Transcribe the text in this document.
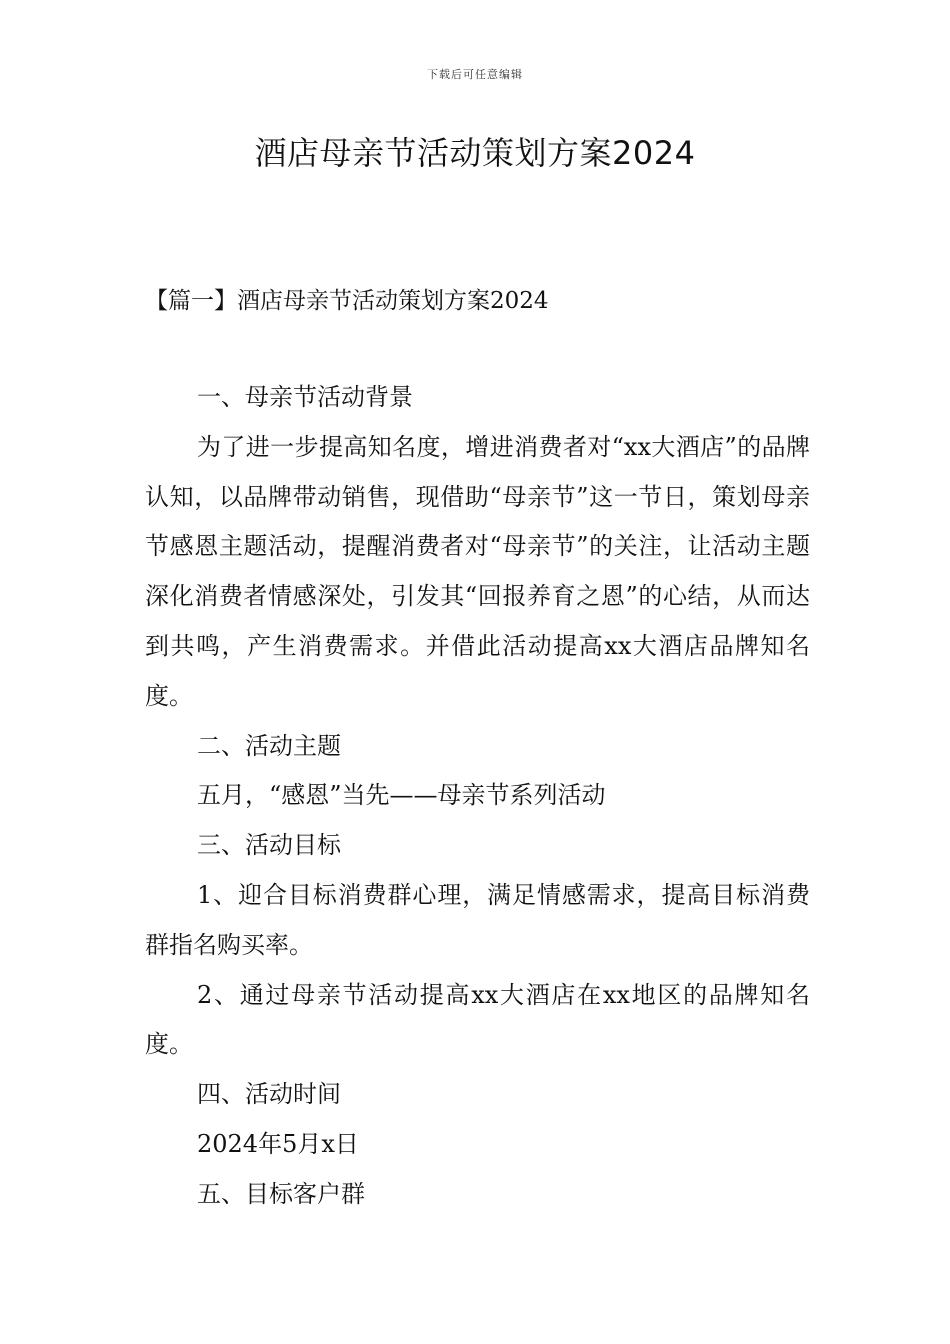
下载后可任意编辑
酒店母亲节活动策划方案2024
【篇一】酒店母亲节活动策划方案2024

一、母亲节活动背景

为了进一步提高知名度，增进消费者对“xx大酒店”的品牌认知，以品牌带动销售，现借助“母亲节”这一节日，策划母亲节感恩主题活动，提醒消费者对“母亲节”的关注，让活动主题深化消费者情感深处，引发其“回报养育之恩”的心结，从而达到共鸣，产生消费需求。并借此活动提高xx大酒店品牌知名度。

二、活动主题

五月，“感恩”当先——母亲节系列活动

三、活动目标

1、迎合目标消费群心理，满足情感需求，提高目标消费群指名购买率。

2、通过母亲节活动提高xx大酒店在xx地区的品牌知名度。

四、活动时间

2024年5月x日

五、目标客户群
